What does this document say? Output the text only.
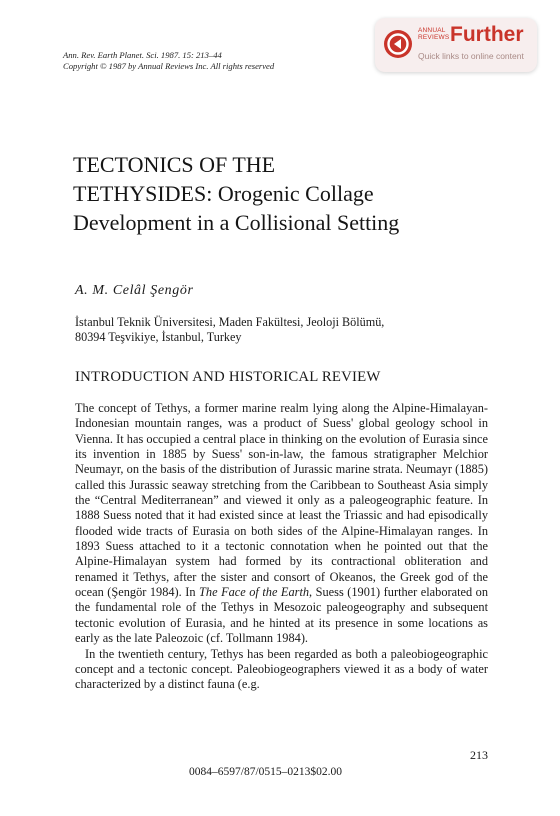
Ann. Rev. Earth Planet. Sci. 1987. 15: 213–44
Copyright © 1987 by Annual Reviews Inc. All rights reserved
ANNUAL
REVIEWS Further
Quick links to online content
TECTONICS OF THE
TETHYSIDES: Orogenic Collage Development in a Collisional Setting
A. M. Celâl Şengör
İstanbul Teknik Üniversitesi, Maden Fakültesi, Jeoloji Bölümü,
80394 Teşvikiye, İstanbul, Turkey
INTRODUCTION AND HISTORICAL REVIEW

The concept of Tethys, a former marine realm lying along the Alpine-Himalayan-Indonesian mountain ranges, was a product of Suess' global geology school in Vienna. It has occupied a central place in thinking on the evolution of Eurasia since its invention in 1885 by Suess' son-in-law, the famous stratigrapher Melchior Neumayr, on the basis of the distribution of Jurassic marine strata. Neumayr (1885) called this Jurassic seaway stretching from the Caribbean to Southeast Asia simply the “Central Mediterranean” and viewed it only as a paleogeographic feature. In 1888 Suess noted that it had existed since at least the Triassic and had episodically flooded wide tracts of Eurasia on both sides of the Alpine-Himalayan ranges. In 1893 Suess attached to it a tectonic connotation when he pointed out that the Alpine-Himalayan system had formed by its contractional obliteration and renamed it Tethys, after the sister and consort of Okeanos, the Greek god of the ocean (Şengör 1984). In The Face of the Earth, Suess (1901) further elaborated on the fundamental role of the Tethys in Mesozoic paleogeography and subsequent tectonic evolution of Eurasia, and he hinted at its presence in some locations as early as the late Paleozoic (cf. Tollmann 1984).

In the twentieth century, Tethys has been regarded as both a paleobiogeographic concept and a tectonic concept. Paleobiogeographers viewed it as a body of water characterized by a distinct fauna (e.g.

213
0084–6597/87/0515–0213$02.00
